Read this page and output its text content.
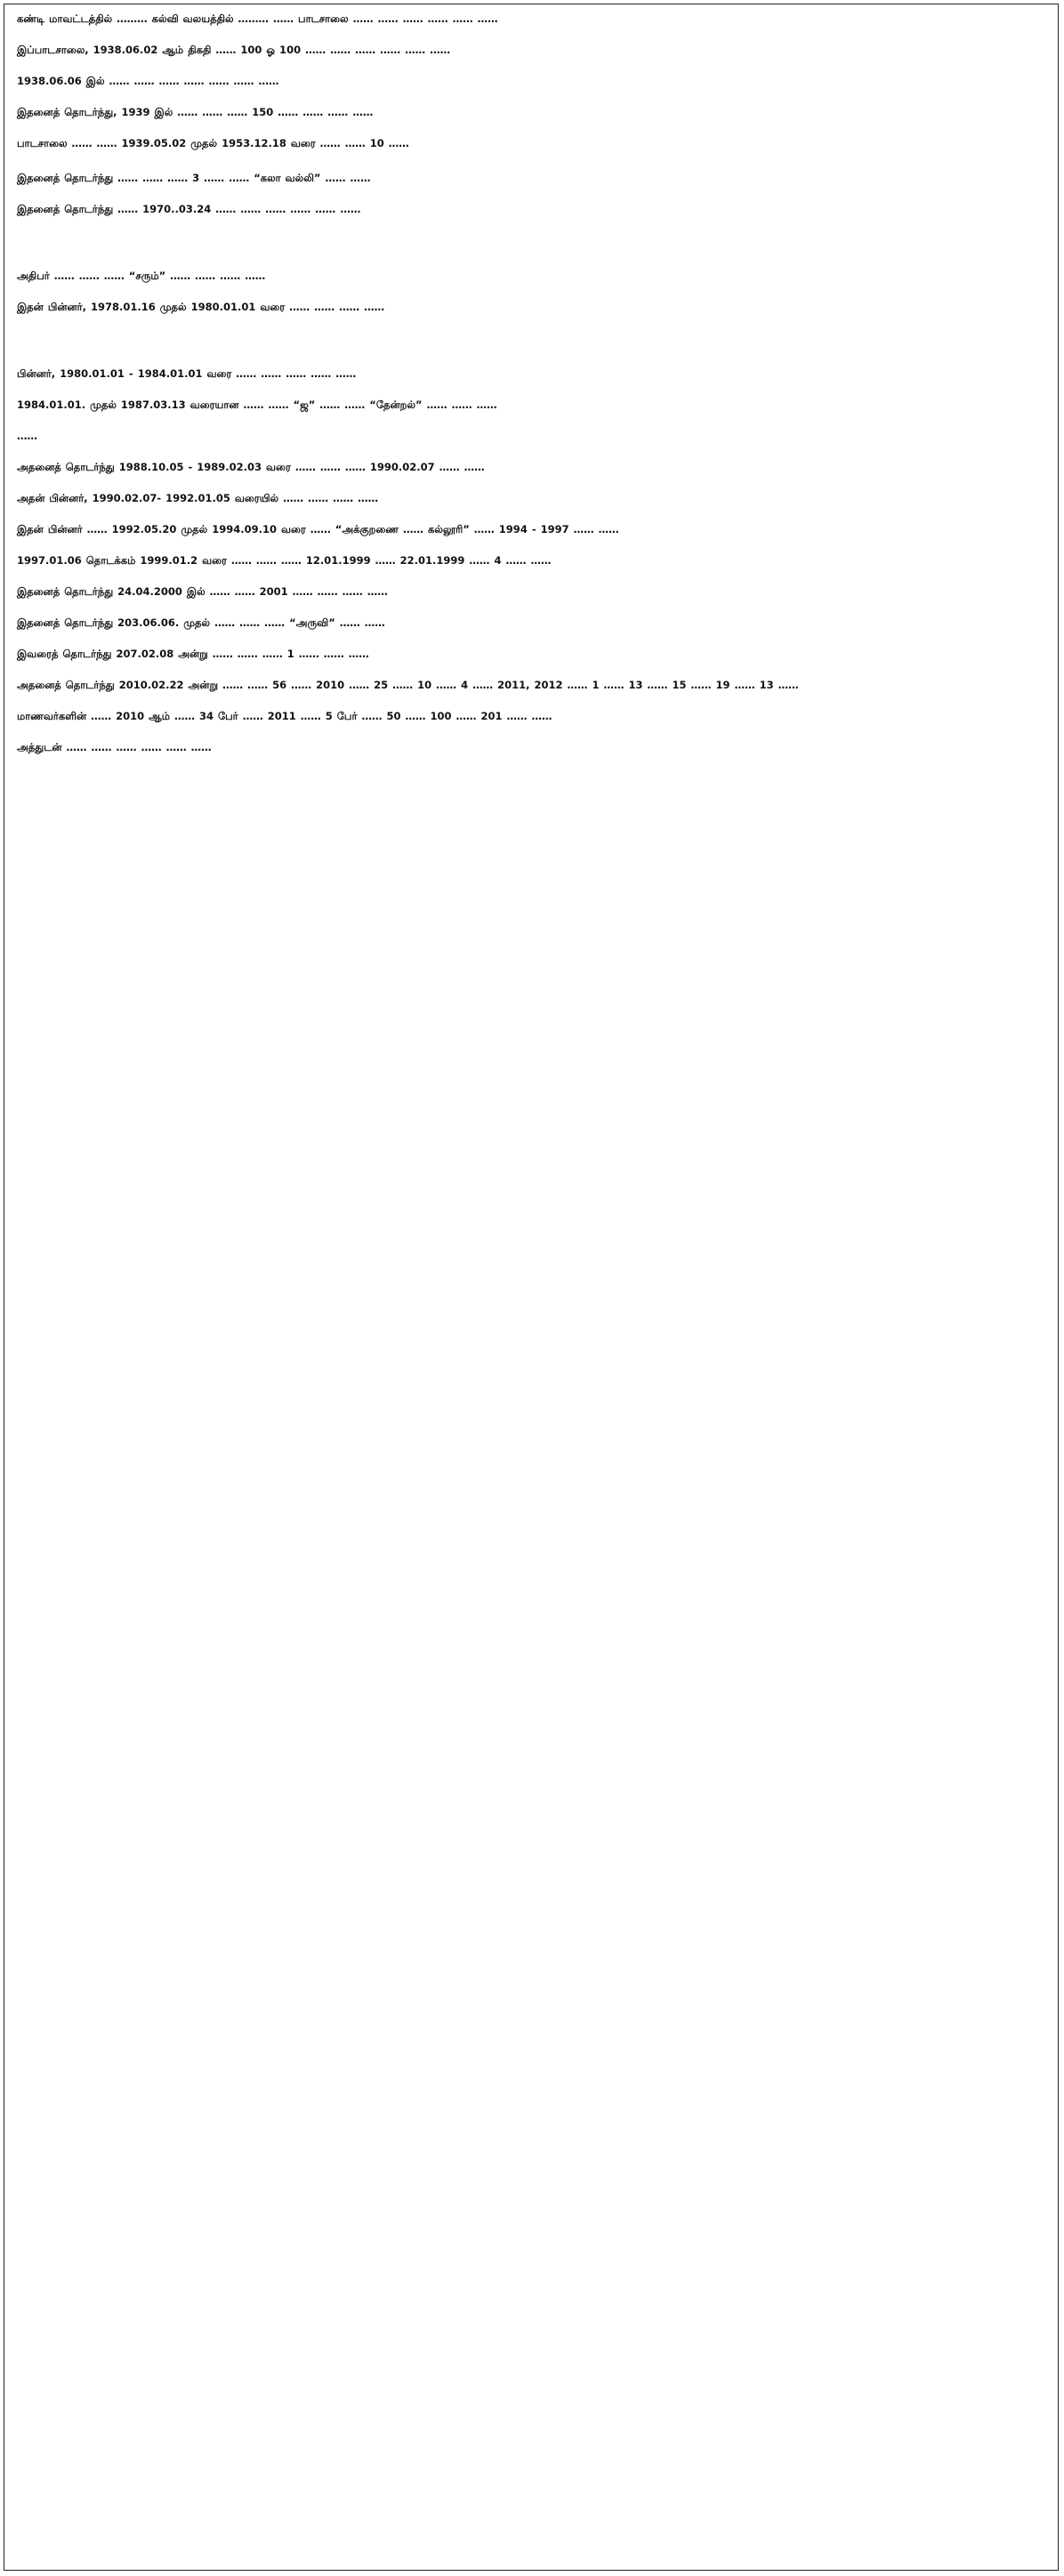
கண்டி மாவட்டத்தில் ……… கல்வி வலயத்தில் ……… …… பாடசாலை …… …… …… …… …… ……

இப்பாடசாலை, 1938.06.02 ஆம் திகதி …… 100 ஓ 100 …… …… …… …… …… ……

1938.06.06 இல் …… …… …… …… …… …… ……

இதனைத் தொடர்ந்து, 1939 இல் …… …… …… 150 …… …… …… ……

பாடசாலை …… …… 1939.05.02 முதல் 1953.12.18 வரை …… …… 10 ……

இதனைத் தொடர்ந்து …… …… …… 3 …… …… “கலா வல்லி” …… ……

இதனைத் தொடர்ந்து …… 1970..03.24 …… …… …… …… …… ……

அதிபர் …… …… …… “சரும்” …… …… …… ……

இதன் பின்னர், 1978.01.16 முதல் 1980.01.01 வரை …… …… …… ……

பின்னர், 1980.01.01 - 1984.01.01 வரை …… …… …… …… ……

1984.01.01. முதல் 1987.03.13 வரையான …… …… “ஜ” …… …… “தேன்றல்” …… …… ……

……

அதனைத் தொடர்ந்து 1988.10.05 - 1989.02.03 வரை …… …… …… 1990.02.07 …… ……

அதன் பின்னர், 1990.02.07- 1992.01.05 வரையில் …… …… …… ……

இதன் பின்னர் …… 1992.05.20 முதல் 1994.09.10 வரை …… “அக்குறணை …… கல்லூரி” …… 1994 - 1997 …… ……

1997.01.06 தொடக்கம் 1999.01.2 வரை …… …… …… 12.01.1999 …… 22.01.1999 …… 4 …… ……

இதனைத் தொடர்ந்து 24.04.2000 இல் …… …… 2001 …… …… …… ……

இதனைத் தொடர்ந்து 203.06.06. முதல் …… …… …… “அருவி” …… ……

இவரைத் தொடர்ந்து 207.02.08 அன்று …… …… …… 1 …… …… ……

அதனைத் தொடர்ந்து 2010.02.22 அன்று …… …… 56 …… 2010 …… 25 …… 10 …… 4 …… 2011, 2012 …… 1 …… 13 …… 15 …… 19 …… 13 ……

மாணவர்களின் …… 2010 ஆம் …… 34 பேர் …… 2011 …… 5 பேர் …… 50 …… 100 …… 201 …… ……

அத்துடன் …… …… …… …… …… ……
